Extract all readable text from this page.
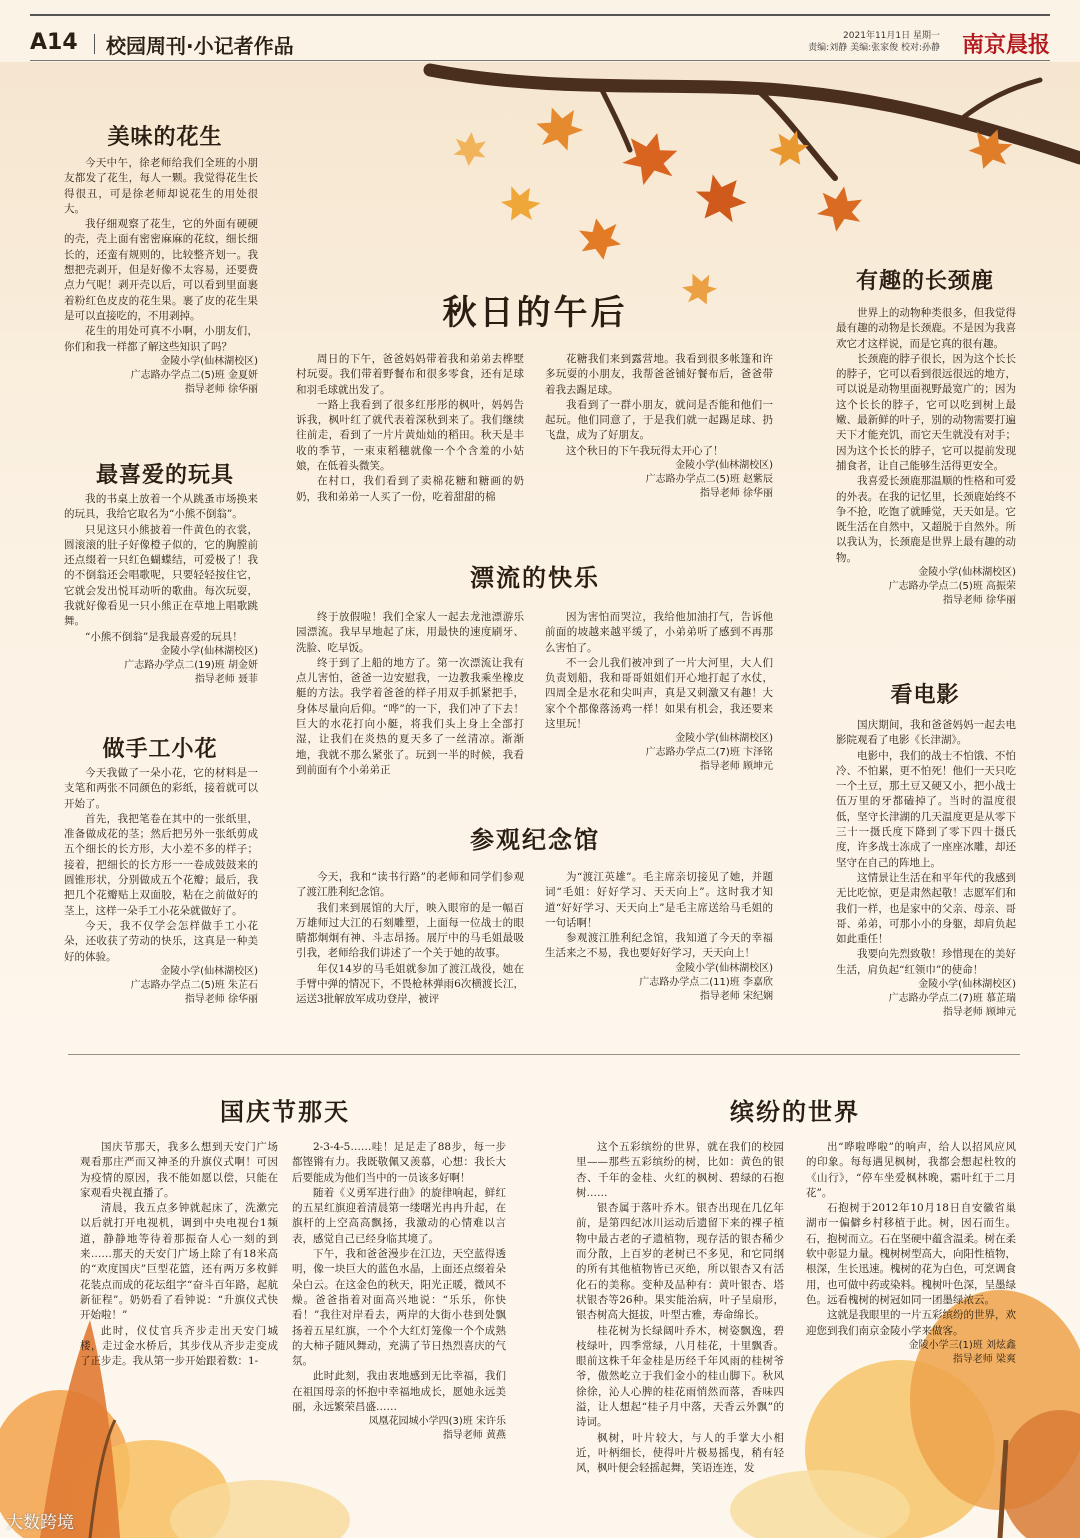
A14 校园周刊·小记者作品	2021年11月1日 星期一
责编:刘静 美编:张家俊 校对:孙静 南京晨报
美味的花生

今天中午，徐老师给我们全班的小朋友都发了花生，每人一颗。我觉得花生长得很丑，可是徐老师却说花生的用处很大。

我仔细观察了花生，它的外面有硬硬的壳，壳上面有密密麻麻的花纹，细长细长的，还蛮有规则的，比较整齐划一。我想把壳剥开，但是好像不太容易，还要费点力气呢！剥开壳以后，可以看到里面裹着粉红色皮皮的花生果。裹了皮的花生果是可以直接吃的，不用剥掉。

花生的用处可真不小啊，小朋友们，你们和我一样都了解这些知识了吗？

金陵小学(仙林湖校区)
广志路办学点二(5)班 金夏妍
指导老师 徐华丽
最喜爱的玩具

我的书桌上放着一个从跳蚤市场换来的玩具，我给它取名为“小熊不倒翁”。

只见这只小熊披着一件黄色的衣裳，圆滚滚的肚子好像橙子似的，它的胸膛前还点缀着一只红色蝴蝶结，可爱极了！我的不倒翁还会唱歌呢，只要轻轻按住它，它就会发出悦耳动听的歌曲。每次玩耍，我就好像看见一只小熊正在草地上唱歌跳舞。

“小熊不倒翁”是我最喜爱的玩具！

金陵小学(仙林湖校区)
广志路办学点二(19)班 胡金妍
指导老师 聂菲
做手工小花

今天我做了一朵小花，它的材料是一支笔和两张不同颜色的彩纸，接着就可以开始了。

首先，我把笔卷在其中的一张纸里，准备做成花的茎；然后把另外一张纸剪成五个细长的长方形，大小差不多的样子；接着，把细长的长方形一一卷成鼓鼓来的圆锥形状，分别做成五个花瓣；最后，我把几个花瓣贴上双面胶，粘在之前做好的茎上，这样一朵手工小花朵就做好了。

今天，我不仅学会怎样做手工小花朵，还收获了劳动的快乐，这真是一种美好的体验。

金陵小学(仙林湖校区)
广志路办学点二(5)班 朱芷石
指导老师 徐华丽
秋日的午后

周日的下午，爸爸妈妈带着我和弟弟去桦墅村玩耍。我们带着野餐布和很多零食，还有足球和羽毛球就出发了。

一路上我看到了很多红彤彤的枫叶，妈妈告诉我，枫叶红了就代表着深秋到来了。我们继续往前走，看到了一片片黄灿灿的稻田。秋天是丰收的季节，一束束稻穗就像一个个含羞的小姑娘，在低着头微笑。

在村口，我们看到了卖棉花糖和糖画的奶奶，我和弟弟一人买了一份，吃着甜甜的棉

花糖我们来到露营地。我看到很多帐篷和许多玩耍的小朋友，我帮爸爸铺好餐布后，爸爸带着我去踢足球。

我看到了一群小朋友，就问是否能和他们一起玩。他们同意了，于是我们就一起踢足球、扔飞盘，成为了好朋友。

这个秋日的下午我玩得太开心了！

金陵小学(仙林湖校区)
广志路办学点二(5)班 赵紫辰
指导老师 徐华丽
漂流的快乐

终于放假啦！我们全家人一起去龙池漂游乐园漂流。我早早地起了床，用最快的速度刷牙、洗脸、吃早饭。

终于到了上船的地方了。第一次漂流让我有点儿害怕，爸爸一边安慰我，一边教我乘坐橡皮艇的方法。我学着爸爸的样子用双手抓紧把手，身体尽量向后仰。“哗”的一下，我们冲了下去！巨大的水花打向小艇，将我们头上身上全部打湿，让我们在炎热的夏天多了一丝清凉。渐渐地，我就不那么紧张了。玩到一半的时候，我看到前面有个小弟弟正

因为害怕而哭泣，我给他加油打气，告诉他前面的坡越来越平缓了，小弟弟听了感到不再那么害怕了。

不一会儿我们被冲到了一片大河里，大人们负责划船，我和哥哥姐姐们开心地打起了水仗，四周全是水花和尖叫声，真是又刺激又有趣！大家个个都像落汤鸡一样！如果有机会，我还要来这里玩！

金陵小学(仙林湖校区)
广志路办学点二(7)班 卞泽铭
指导老师 顾坤元
参观纪念馆

今天，我和“读书行路”的老师和同学们参观了渡江胜利纪念馆。

我们来到展馆的大厅，映入眼帘的是一幅百万雄师过大江的石刻雕塑，上面每一位战士的眼睛都炯炯有神、斗志昂扬。展厅中的马毛姐最吸引我，老师给我们讲述了一个关于她的故事。

年仅14岁的马毛姐就参加了渡江战役，她在手臂中弹的情况下，不畏枪林弹雨6次横渡长江，运送3批解放军成功登岸，被评

为“渡江英雄”。毛主席亲切接见了她，并题词“毛姐：好好学习、天天向上”。这时我才知道“好好学习、天天向上”是毛主席送给马毛姐的一句话啊！

参观渡江胜利纪念馆，我知道了今天的幸福生活来之不易，我也要好好学习，天天向上！

金陵小学(仙林湖校区)
广志路办学点二(11)班 李嘉欣
指导老师 宋纪娴
有趣的长颈鹿

世界上的动物种类很多，但我觉得最有趣的动物是长颈鹿。不是因为我喜欢它才这样说，而是它真的很有趣。

长颈鹿的脖子很长，因为这个长长的脖子，它可以看到很远很远的地方，可以说是动物里面视野最宽广的；因为这个长长的脖子，它可以吃到树上最嫩、最新鲜的叶子，别的动物需要打遍天下才能充饥，而它天生就没有对手；因为这个长长的脖子，它可以提前发现捕食者，让自己能够生活得更安全。

我喜爱长颈鹿那温顺的性格和可爱的外表。在我的记忆里，长颈鹿始终不争不抢，吃饱了就睡觉，天天如是。它既生活在自然中，又超脱于自然外。所以我认为，长颈鹿是世界上最有趣的动物。

金陵小学(仙林湖校区)
广志路办学点二(5)班 高振荣
指导老师 徐华丽
看电影

国庆期间，我和爸爸妈妈一起去电影院观看了电影《长津湖》。

电影中，我们的战士不怕饿、不怕冷、不怕累，更不怕死！他们一天只吃一个土豆，那土豆又硬又小，把小战士伍万里的牙都磕掉了。当时的温度很低，坚守长津湖的几天温度更是从零下三十一摄氏度下降到了零下四十摄氏度，许多战士冻成了一座座冰雕，却还坚守在自己的阵地上。

这情景让生活在和平年代的我感到无比吃惊，更是肃然起敬！志愿军们和我们一样，也是家中的父亲、母亲、哥哥、弟弟，可那小小的身躯，却肩负起如此重任！

我要向先烈致敬！珍惜现在的美好生活，肩负起“红领巾”的使命！

金陵小学(仙林湖校区)
广志路办学点二(7)班 慕芷瑞
指导老师 顾坤元
国庆节那天

国庆节那天，我多么想到天安门广场观看那庄严而又神圣的升旗仪式啊！可因为疫情的原因，我不能如愿以偿，只能在家观看央视直播了。

清晨，我五点多钟就起床了，洗漱完以后就打开电视机，调到中央电视台1频道，静静地等待着那振奋人心一刻的到来……那天的天安门广场上除了有18米高的“欢度国庆”巨型花篮，还有两万多枚鲜花装点而成的花坛组字“奋斗百年路，起航新征程”。奶奶看了看钟说：“升旗仪式快开始啦！”

此时，仪仗官兵齐步走出天安门城楼，走过金水桥后，其步伐从齐步走变成了正步走。我从第一步开始跟着数：1-

2-3-4-5……哇！足足走了88步，每一步都铿锵有力。我既敬佩又羡慕，心想：我长大后要能成为他们当中的一员该多好啊！

随着《义勇军进行曲》的旋律响起，鲜红的五星红旗迎着清晨第一缕曙光冉冉升起，在旗杆的上空高高飘扬，我激动的心情难以言表，感觉自己已经身临其境了。

下午，我和爸爸漫步在江边，天空蓝得透明，像一块巨大的蓝色水晶，上面还点缀着朵朵白云。在这金色的秋天，阳光正暖，微风不燥。爸爸指着对面高兴地说：“乐乐，你快看！”我往对岸看去，两岸的大街小巷到处飘扬着五星红旗，一个个大红灯笼像一个个成熟的大柿子随风舞动，充满了节日热烈喜庆的气氛。

此时此刻，我由衷地感到无比幸福，我们在祖国母亲的怀抱中幸福地成长，愿她永远美丽，永远繁荣昌盛……

凤凰花园城小学四(3)班 宋许乐
指导老师 黄燕
缤纷的世界

这个五彩缤纷的世界，就在我们的校园里——那些五彩缤纷的树，比如：黄色的银杏、千年的金桂、火红的枫树、碧绿的石抱树……

银杏属于落叶乔木。银杏出现在几亿年前，是第四纪冰川运动后遗留下来的裸子植物中最古老的孑遗植物，现存活的银杏稀少而分散，上百岁的老树已不多见，和它同纲的所有其他植物皆已灭绝，所以银杏又有活化石的美称。变种及品种有：黄叶银杏、塔状银杏等26种。果实能治病，叶子呈扇形，银杏树高大挺拔，叶型古雅，寿命绵长。

桂花树为长绿阔叶乔木，树姿飘逸，碧枝绿叶，四季常绿，八月桂花，十里飘香。眼前这株千年金桂是历经千年风雨的桂树爷爷，傲然屹立于我们金小的桂山脚下。秋风徐徐，沁人心脾的桂花雨悄然而落，香味四溢，让人想起“桂子月中落，天香云外飘”的诗词。

枫树，叶片较大，与人的手掌大小相近，叶柄细长，使得叶片极易摇曳，稍有轻风，枫叶便会轻摇起舞，笑语连连，发

出“哗啦哗啦”的响声，给人以招风应风的印象。每每遇见枫树，我都会想起杜牧的《山行》，“停车坐爱枫林晚，霜叶红于二月花”。

石抱树于2012年10月18日自安徽省巢湖市一偏僻乡村移植于此。树，因石而生。石，抱树而立。石在坚硬中蕴含温柔。树在柔软中彰显力量。槐树树型高大，向阳性植物，根深，生长迅速。槐树的花为白色，可烹调食用，也可做中药或染料。槐树叶色深，呈墨绿色。远看槐树的树冠如同一团墨绿浓云。

这就是我眼里的一片五彩缤纷的世界，欢迎您到我们南京金陵小学来做客。

金陵小学三(1)班 刘炫鑫
指导老师 梁爽
大数跨境
